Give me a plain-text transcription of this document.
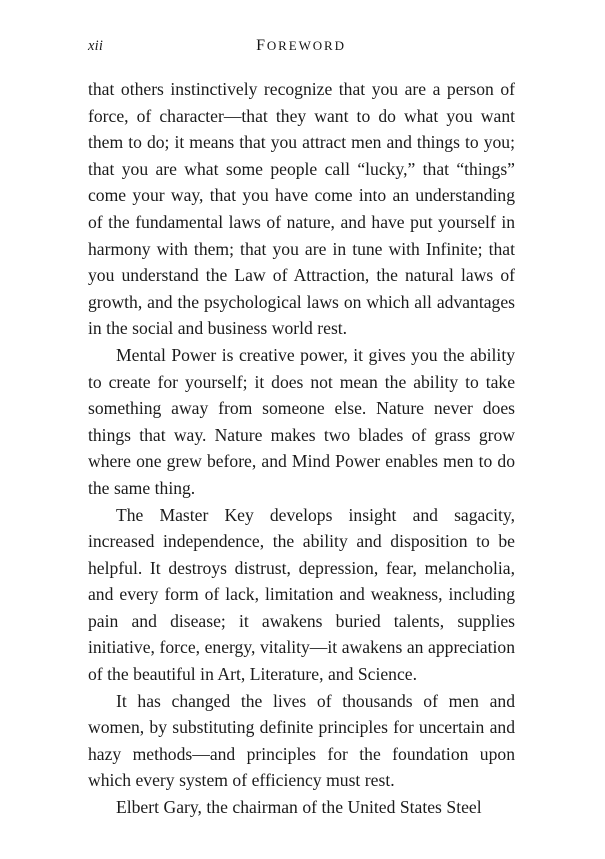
xii	FOREWORD

that others instinctively recognize that you are a person of force, of character—that they want to do what you want them to do; it means that you attract men and things to you; that you are what some people call “lucky,” that “things” come your way, that you have come into an understanding of the fundamental laws of nature, and have put yourself in harmony with them; that you are in tune with Infinite; that you understand the Law of Attraction, the natural laws of growth, and the psychological laws on which all advantages in the social and business world rest.

Mental Power is creative power, it gives you the ability to create for yourself; it does not mean the ability to take something away from someone else. Nature never does things that way. Nature makes two blades of grass grow where one grew before, and Mind Power enables men to do the same thing.

The Master Key develops insight and sagacity, increased independence, the ability and disposition to be helpful. It destroys distrust, depression, fear, melancholia, and every form of lack, limitation and weakness, including pain and disease; it awakens buried talents, supplies initiative, force, energy, vitality—it awakens an appreciation of the beautiful in Art, Literature, and Science.

It has changed the lives of thousands of men and women, by substituting definite principles for uncertain and hazy methods—and principles for the foundation upon which every system of efficiency must rest.

Elbert Gary, the chairman of the United States Steel
